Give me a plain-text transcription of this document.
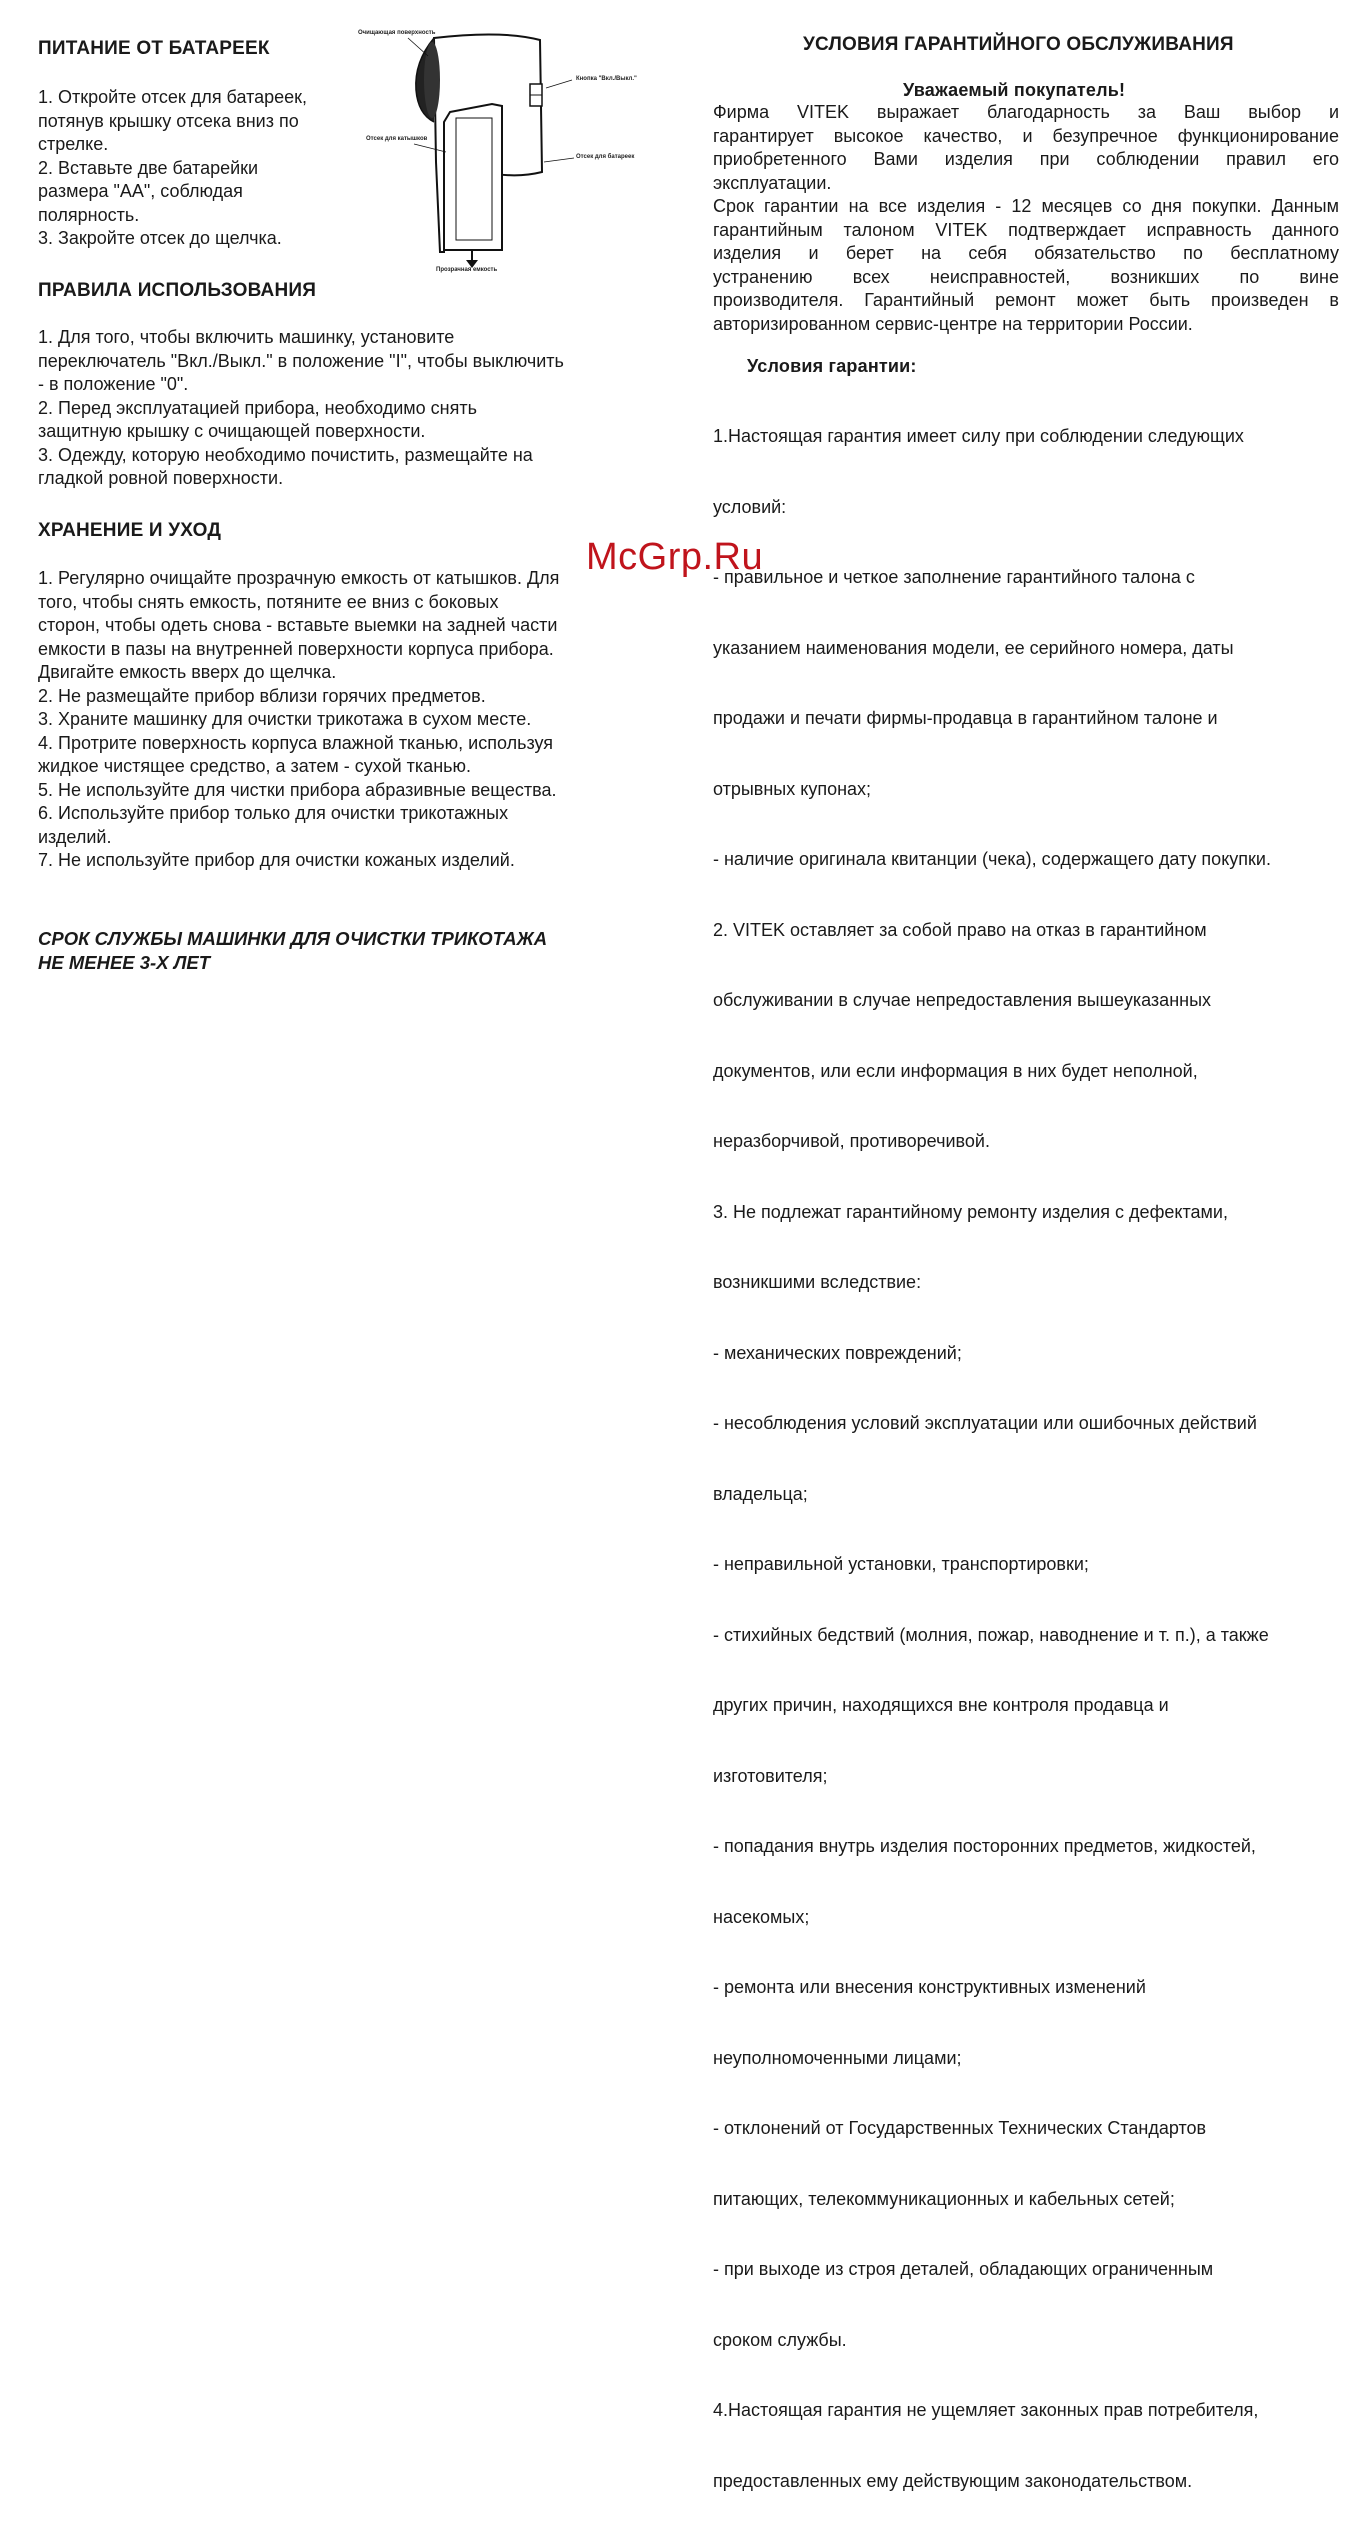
ПИТАНИЕ ОТ БАТАРЕЕК
1. Откройте отсек для батареек,
потянув крышку отсека вниз по
стрелке.
2. Вставьте две батарейки
размера "АА", соблюдая
полярность.
3. Закройте отсек до щелчка.
ПРАВИЛА ИСПОЛЬЗОВАНИЯ
1. Для того, чтобы включить машинку, установите
переключатель "Вкл./Выкл." в положение "I", чтобы выключить
- в положение "0".
2. Перед эксплуатацией прибора, необходимо снять
защитную крышку с очищающей поверхности.
3. Одежду, которую необходимо почистить, размещайте на
гладкой ровной поверхности.
ХРАНЕНИЕ И УХОД
1. Регулярно очищайте прозрачную емкость от катышков. Для
того, чтобы снять емкость, потяните ее вниз с боковых
сторон, чтобы одеть снова - вставьте выемки на задней части
емкости в пазы на внутренней поверхности корпуса прибора.
Двигайте емкость вверх до щелчка.
2. Не размещайте прибор вблизи горячих предметов.
3. Храните машинку для очистки трикотажа в сухом месте.
4. Протрите поверхность корпуса влажной тканью, используя
жидкое чистящее средство, а затем - сухой тканью.
5. Не используйте для чистки прибора абразивные вещества.
6. Используйте прибор только для очистки трикотажных
изделий.
7. Не используйте прибор для очистки кожаных изделий.
СРОК СЛУЖБЫ МАШИНКИ ДЛЯ ОЧИСТКИ ТРИКОТАЖА
НЕ МЕНЕЕ 3-Х ЛЕТ
Очищающая поверхность
Кнопка "Вкл./Выкл."
Отсек для катышков
Отсек для батареек
Прозрачная емкость
УСЛОВИЯ ГАРАНТИЙНОГО ОБСЛУЖИВАНИЯ
Уважаемый покупатель!
Фирма VITEK выражает благодарность за Ваш выбор и
гарантирует высокое качество, и безупречное функционирование
приобретенного Вами изделия при соблюдении правил его
эксплуатации.
Срок гарантии на все изделия - 12 месяцев со дня покупки. Данным
гарантийным талоном VITEK подтверждает исправность данного
изделия и берет на себя обязательство по бесплатному
устранению всех неисправностей, возникших по вине
производителя. Гарантийный ремонт может быть произведен в
авторизированном сервис-центре на территории России.
Условия гарантии:

1.Настоящая гарантия имеет силу при соблюдении следующих

условий:

- правильное и четкое заполнение гарантийного талона с

указанием наименования модели, ее серийного номера, даты

продажи и печати фирмы-продавца в гарантийном талоне и

отрывных купонах;

- наличие оригинала квитанции (чека), содержащего дату покупки.

2. VITEK оставляет за собой право на отказ в гарантийном

обслуживании в случае непредоставления вышеуказанных

документов, или если информация в них будет неполной,

неразборчивой, противоречивой.

3. Не подлежат гарантийному ремонту изделия с дефектами,

возникшими вследствие:

- механических повреждений;

- несоблюдения условий эксплуатации или ошибочных действий

владельца;

- неправильной установки, транспортировки;

- стихийных бедствий (молния, пожар, наводнение и т. п.), а также

других причин, находящихся вне контроля продавца и

изготовителя;

- попадания внутрь изделия посторонних предметов, жидкостей,

насекомых;

- ремонта или внесения конструктивных изменений

неуполномоченными лицами;

- отклонений от Государственных Технических Стандартов

питающих, телекоммуникационных и кабельных сетей;

- при выходе из строя деталей, обладающих ограниченным

сроком службы.

4.Настоящая гарантия не ущемляет законных прав потребителя,

предоставленных ему действующим законодательством.

McGrp.Ru
